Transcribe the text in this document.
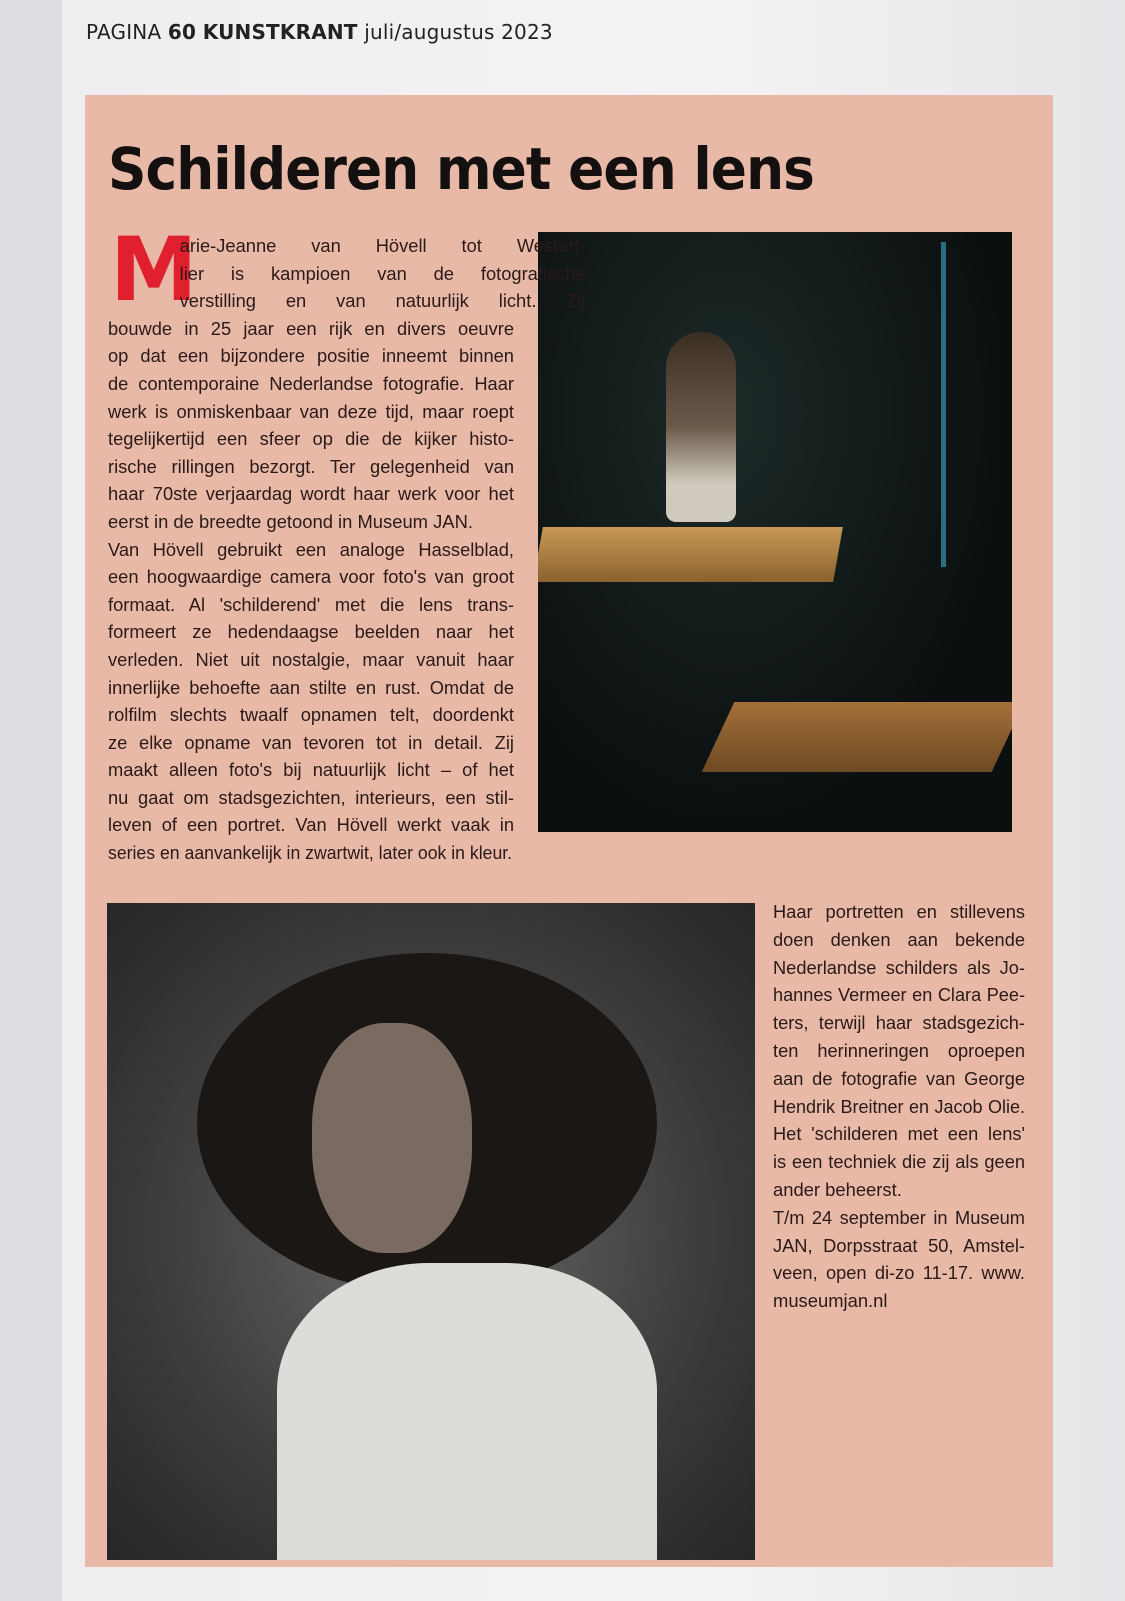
PAGINA 60 KUNSTKRANT juli/augustus 2023
Schilderen met een lens
M
arie-Jeanne van Hövell tot Westerf-
lier is kampioen van de fotografische
verstilling en van natuurlijk licht. Zij
bouwde in 25 jaar een rijk en divers oeuvre
op dat een bijzondere positie inneemt binnen
de contemporaine Nederlandse fotografie. Haar
werk is onmiskenbaar van deze tijd, maar roept
tegelijkertijd een sfeer op die de kijker histo-
rische rillingen bezorgt. Ter gelegenheid van
haar 70ste verjaardag wordt haar werk voor het
eerst in de breedte getoond in Museum JAN.
Van Hövell gebruikt een analoge Hasselblad,
een hoogwaardige camera voor foto's van groot
formaat. Al 'schilderend' met die lens trans-
formeert ze hedendaagse beelden naar het
verleden. Niet uit nostalgie, maar vanuit haar
innerlijke behoefte aan stilte en rust. Omdat de
rolfilm slechts twaalf opnamen telt, doordenkt
ze elke opname van tevoren tot in detail. Zij
maakt alleen foto's bij natuurlijk licht – of het
nu gaat om stadsgezichten, interieurs, een stil-
leven of een portret. Van Hövell werkt vaak in
series en aanvankelijk in zwartwit, later ook in kleur.
Haar portretten en stillevens
doen denken aan bekende
Nederlandse schilders als Jo-
hannes Vermeer en Clara Pee-
ters, terwijl haar stadsgezich-
ten herinneringen oproepen
aan de fotografie van George
Hendrik Breitner en Jacob Olie.
Het 'schilderen met een lens'
is een techniek die zij als geen
ander beheerst.
T/m 24 september in Museum
JAN, Dorpsstraat 50, Amstel-
veen, open di-zo 11-17. www.
museumjan.nl
